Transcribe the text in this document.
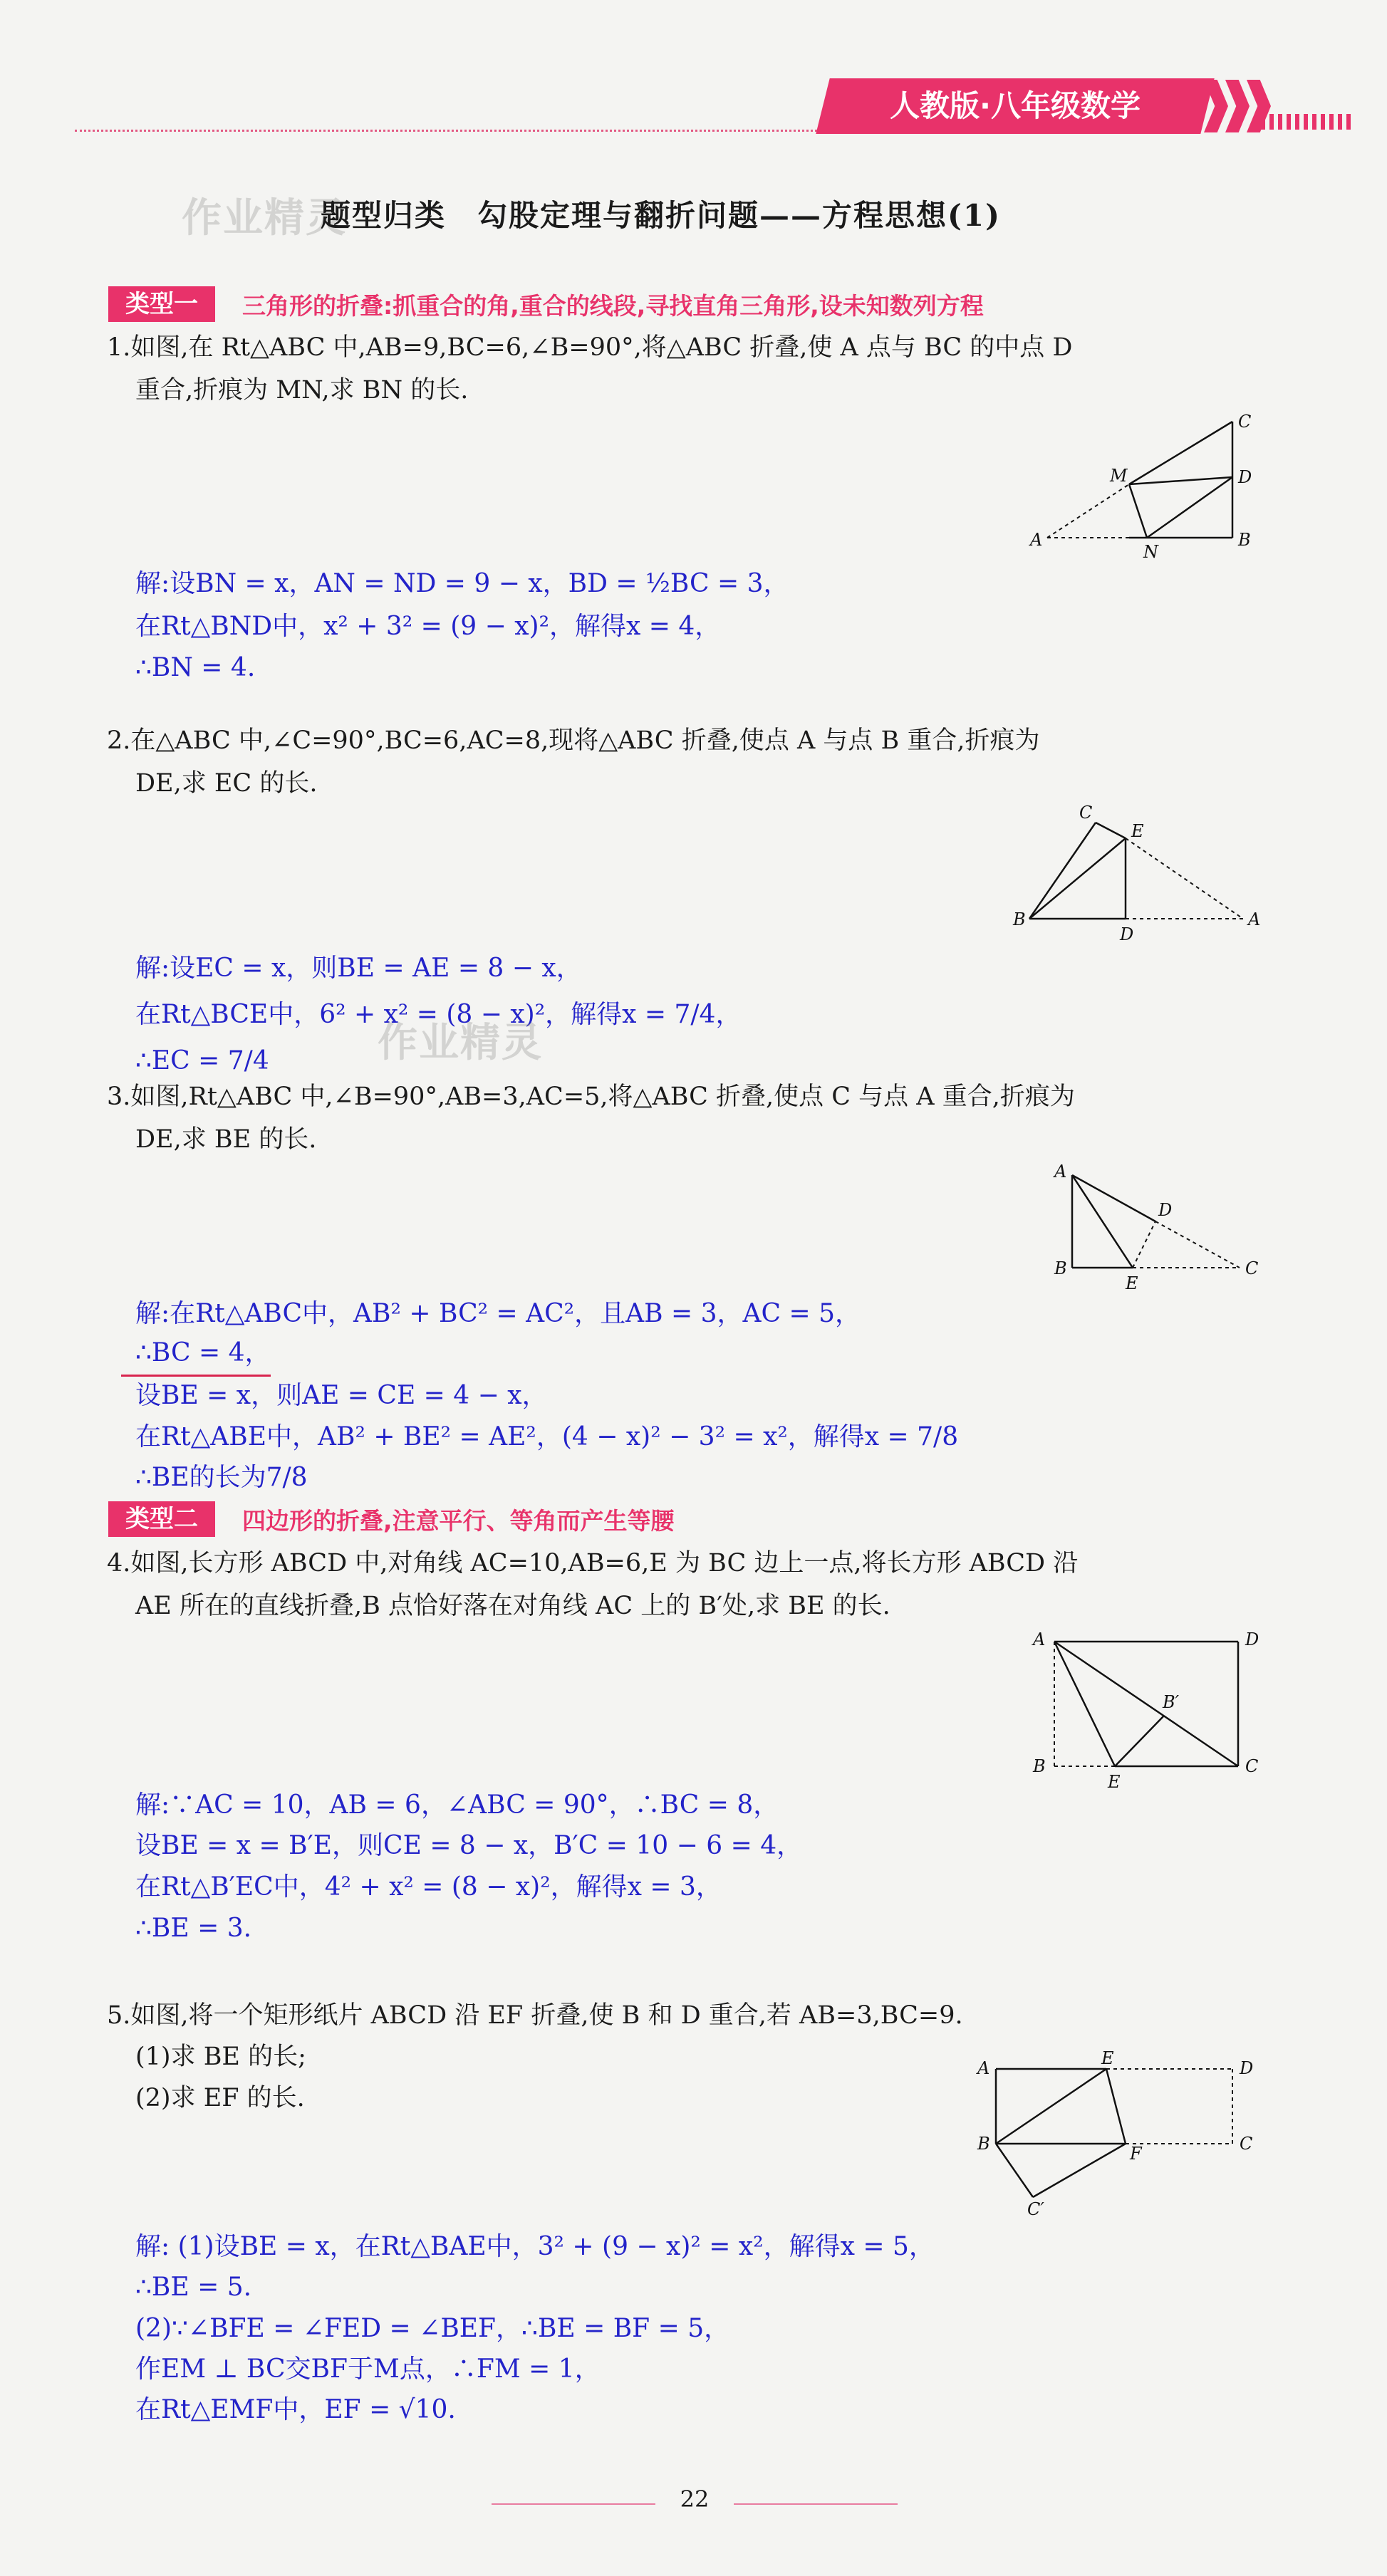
人教版·八年级数学
作业精灵
题型归类　勾股定理与翻折问题——方程思想(1)
类型一	三角形的折叠:抓重合的角,重合的线段,寻找直角三角形,设未知数列方程
1.如图,在 Rt△ABC 中,AB=9,BC=6,∠B=90°,将△ABC 折叠,使 A 点与 BC 的中点 D
重合,折痕为 MN,求 BN 的长.
C
M	D
A
N
B
解:设BN = x，AN = ND = 9 − x，BD = ½BC = 3，
在Rt△BND中，x² + 3² = (9 − x)²，解得x = 4，
∴BN = 4.
2.在△ABC 中,∠C=90°,BC=6,AC=8,现将△ABC 折叠,使点 A 与点 B 重合,折痕为
DE,求 EC 的长.
C
E
B
D
A
解:设EC = x，则BE = AE = 8 − x，
在Rt△BCE中，6² + x² = (8 − x)²，解得x = 7/4，
∴EC = 7/4	作业精灵
3.如图,Rt△ABC 中,∠B=90°,AB=3,AC=5,将△ABC 折叠,使点 C 与点 A 重合,折痕为
DE,求 BE 的长.
A
D
B
E
C
解:在Rt△ABC中，AB² + BC² = AC²，且AB = 3，AC = 5，
∴BC = 4，
设BE = x，则AE = CE = 4 − x，
在Rt△ABE中，AB² + BE² = AE²，(4 − x)² − 3² = x²，解得x = 7/8
∴BE的长为7/8
类型二	四边形的折叠,注意平行、等角而产生等腰
4.如图,长方形 ABCD 中,对角线 AC=10,AB=6,E 为 BC 边上一点,将长方形 ABCD 沿
AE 所在的直线折叠,B 点恰好落在对角线 AC 上的 B′处,求 BE 的长.
A	D
B′
B
E
C
解:∵AC = 10，AB = 6，∠ABC = 90°，∴BC = 8，
设BE = x = B′E，则CE = 8 − x，B′C = 10 − 6 = 4，
在Rt△B′EC中，4² + x² = (8 − x)²，解得x = 3，
∴BE = 3.
5.如图,将一个矩形纸片 ABCD 沿 EF 折叠,使 B 和 D 重合,若 AB=3,BC=9.
(1)求 BE 的长;
(2)求 EF 的长.
A	E	D
B	F	C
C′
解: (1)设BE = x，在Rt△BAE中，3² + (9 − x)² = x²，解得x = 5，
∴BE = 5.
(2)∵∠BFE = ∠FED = ∠BEF，∴BE = BF = 5，
作EM ⊥ BC交BF于M点，∴FM = 1，
在Rt△EMF中，EF = √10.
22
